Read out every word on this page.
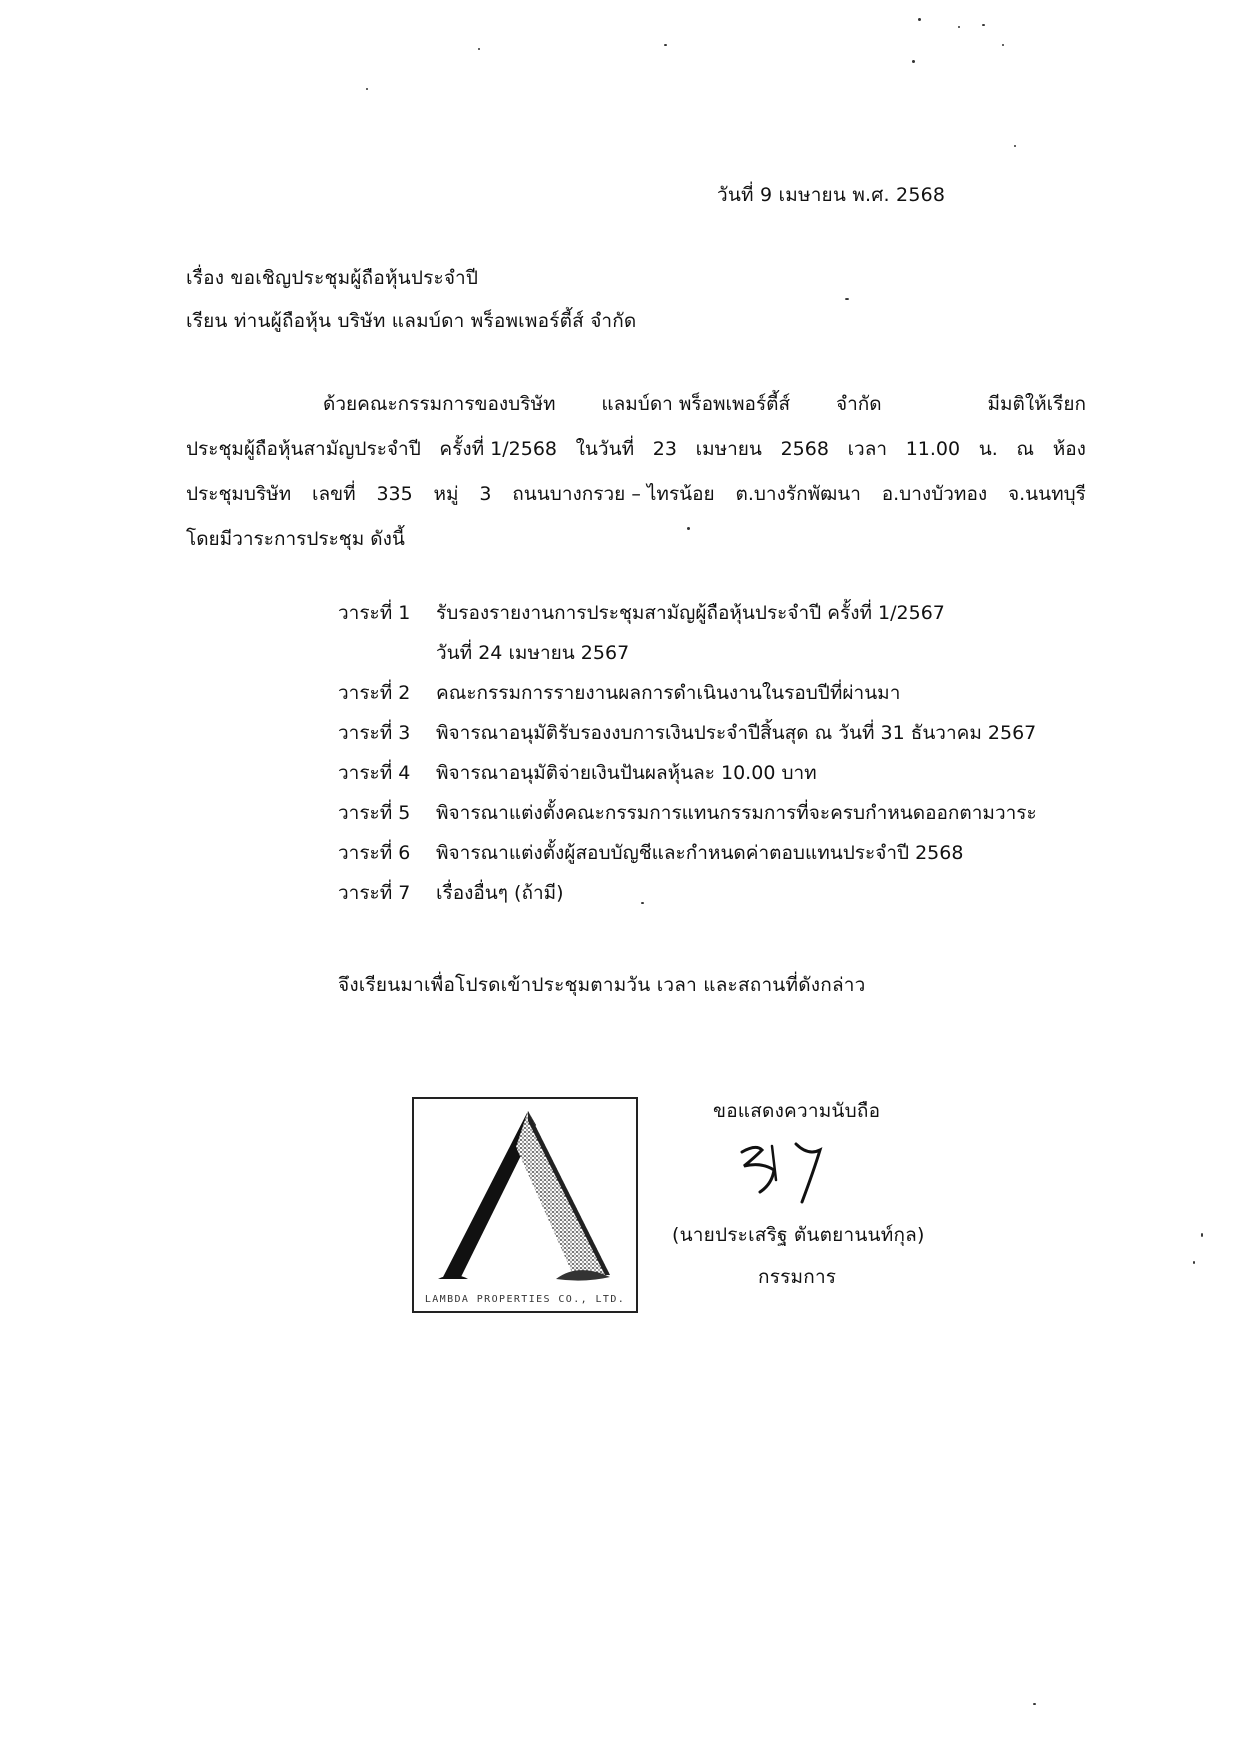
วันที่ 9 เมษายน พ.ศ. 2568
เรื่อง ขอเชิญประชุมผู้ถือหุ้นประจำปี
เรียน ท่านผู้ถือหุ้น บริษัท แลมบ์ดา พร็อพเพอร์ตี้ส์ จำกัด
ด้วยคณะกรรมการของบริษัท แลมบ์ดา พร็อพเพอร์ตี้ส์ จำกัด	มีมติให้เรียก
ประชุมผู้ถือหุ้นสามัญประจำปี ครั้งที่ 1/2568 ในวันที่ 23 เมษายน 2568 เวลา 11.00 น. ณ ห้อง
ประชุมบริษัท เลขที่ 335 หมู่ 3 ถนนบางกรวย – ไทรน้อย ต.บางรักพัฒนา อ.บางบัวทอง จ.นนทบุรี
โดยมีวาระการประชุม ดังนี้
วาระที่ 1	รับรองรายงานการประชุมสามัญผู้ถือหุ้นประจำปี ครั้งที่ 1/2567
วันที่ 24 เมษายน 2567
วาระที่ 2	คณะกรรมการรายงานผลการดำเนินงานในรอบปีที่ผ่านมา
วาระที่ 3	พิจารณาอนุมัติรับรองงบการเงินประจำปีสิ้นสุด ณ วันที่ 31 ธันวาคม 2567
วาระที่ 4	พิจารณาอนุมัติจ่ายเงินปันผลหุ้นละ 10.00 บาท
วาระที่ 5	พิจารณาแต่งตั้งคณะกรรมการแทนกรรมการที่จะครบกำหนดออกตามวาระ
วาระที่ 6	พิจารณาแต่งตั้งผู้สอบบัญชีและกำหนดค่าตอบแทนประจำปี 2568
วาระที่ 7	เรื่องอื่นๆ (ถ้ามี)
จึงเรียนมาเพื่อโปรดเข้าประชุมตามวัน เวลา และสถานที่ดังกล่าว
LAMBDA PROPERTIES CO., LTD.
ขอแสดงความนับถือ
(นายประเสริฐ ตันตยานนท์กุล)
กรรมการ
